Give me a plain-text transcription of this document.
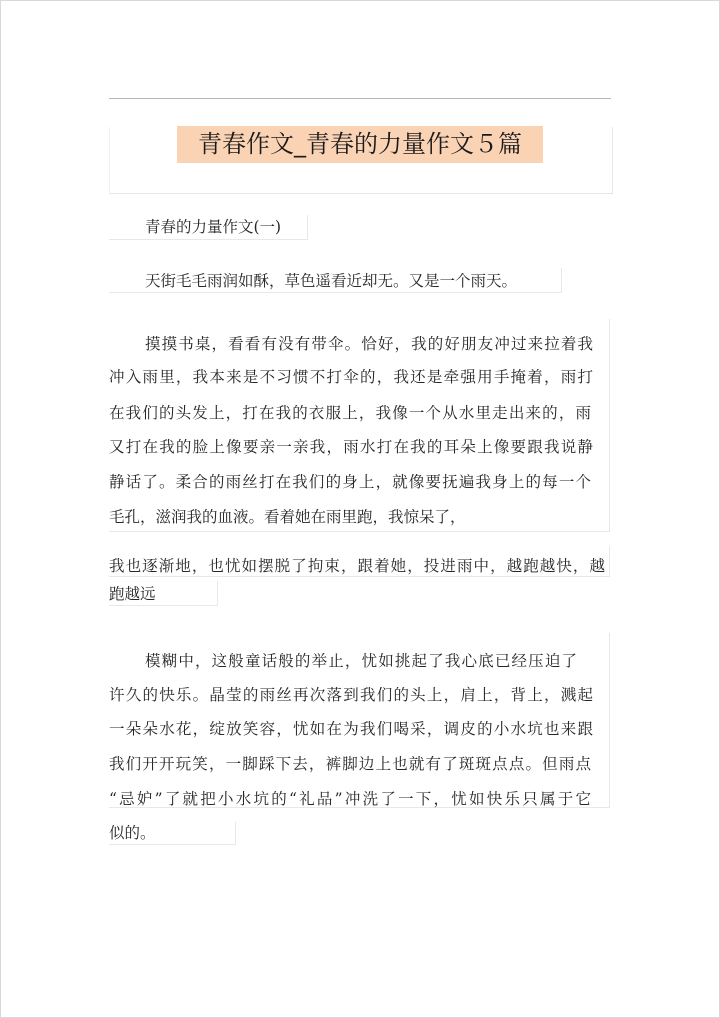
青春作文_青春的力量作文５篇
青春的力量作文(一)
天街毛毛雨润如酥，草色遥看近却无。又是一个雨天。
摸摸书桌，看看有没有带伞。恰好，我的好朋友冲过来拉着我
冲入雨里，我本来是不习惯不打伞的，我还是牵强用手掩着，雨打
在我们的头发上，打在我的衣服上，我像一个从水里走出来的，雨
又打在我的脸上像要亲一亲我，雨水打在我的耳朵上像要跟我说静
静话了。柔合的雨丝打在我们的身上，就像要抚遍我身上的每一个
毛孔，滋润我的血液。看着她在雨里跑，我惊呆了，
我也逐渐地，也忧如摆脱了拘束，跟着她，投进雨中，越跑越快，越
跑越远
模糊中，这般童话般的举止，忧如挑起了我心底已经压迫了
许久的快乐。晶莹的雨丝再次落到我们的头上，肩上，背上，溅起
一朵朵水花，绽放笑容，忧如在为我们喝采，调皮的小水坑也来跟
我们开开玩笑，一脚踩下去，裤脚边上也就有了斑斑点点。但雨点
“忌妒”了就把小水坑的“礼品”冲洗了一下，忧如快乐只属于它
似的。
